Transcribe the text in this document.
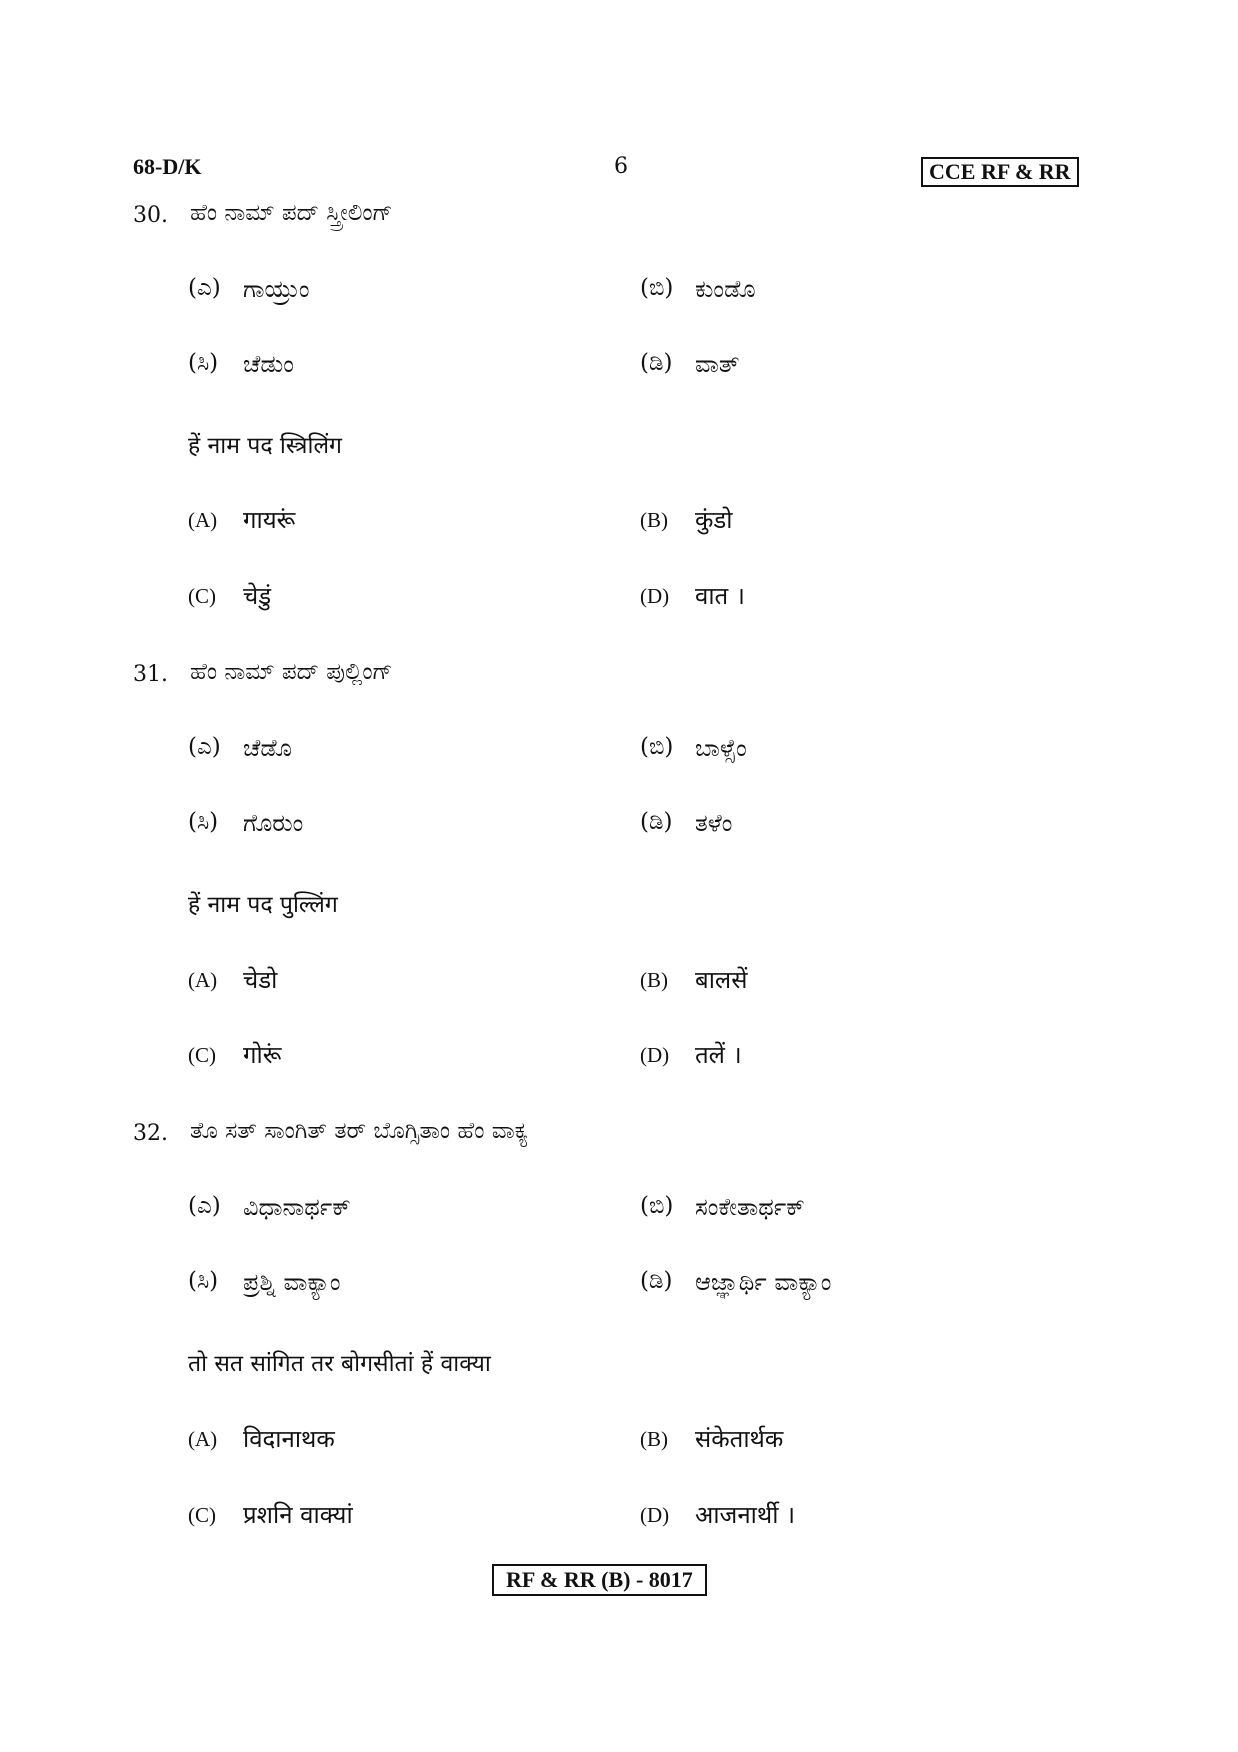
68-D/K	6	CCE RF & RR
30. ಹೆಂ ನಾಮ್ ಪದ್ ಸ್ತ್ರೀಲಿಂಗ್
(ಎ) ಗಾಯ್ರುಂ	(ಬಿ) ಕುಂಡೊ
(ಸಿ) ಚೆಡುಂ	(ಡಿ) ವಾತ್
हें नाम पद स्त्रिलिंग
(A) गायरूं	(B) कुंडो
(C) चेडुं	(D) वात ।
31. ಹೆಂ ನಾಮ್ ಪದ್ ಪುಲ್ಲಿಂಗ್
(ಎ) ಚೆಡೊ	(ಬಿ) ಬಾಳ್ಸೆಂ
(ಸಿ) ಗೊರುಂ	(ಡಿ) ತಳೆಂ
हें नाम पद पुल्लिंग
(A) चेडो	(B) बालसें
(C) गोरूं	(D) तलें ।
32. ತೊ ಸತ್ ಸಾಂಗಿತ್ ತರ್ ಬೊಗ್ಸಿತಾಂ ಹೆಂ ವಾಕ್ಯ
(ಎ) ವಿಧಾನಾರ್ಥಕ್	(ಬಿ) ಸಂಕೇತಾರ್ಥಕ್
(ಸಿ) ಪ್ರಶ್ನಿ ವಾಕ್ಯಾಂ	(ಡಿ) ಆಜ್ಞಾರ್ಥಿ ವಾಕ್ಯಾಂ
तो सत सांगित तर बोगसीतां हें वाक्या
(A) विदानाथक	(B) संकेतार्थक
(C) प्रशनि वाक्यां	(D) आजनार्थी ।
RF & RR (B) - 8017
